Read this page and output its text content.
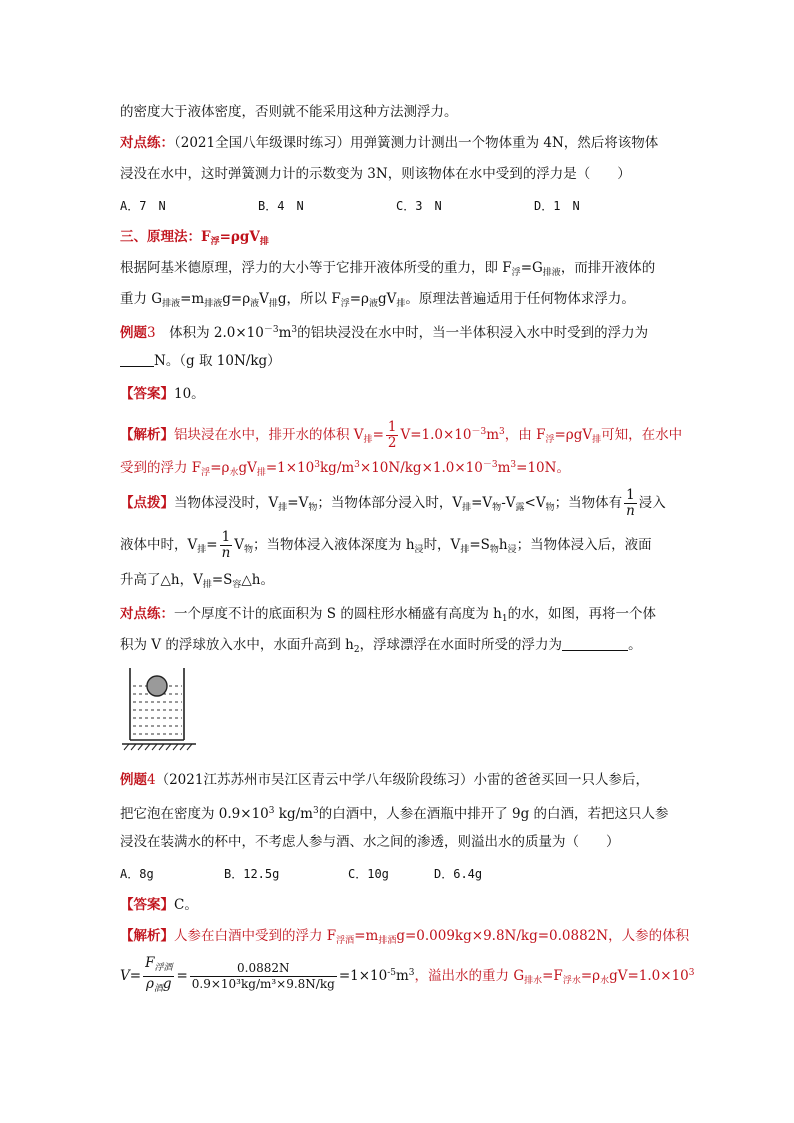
的密度大于液体密度，否则就不能采用这种方法测浮力。
对点练：（2021全国八年级课时练习）用弹簧测力计测出一个物体重为 4N，然后将该物体
浸没在水中，这时弹簧测力计的示数变为 3N，则该物体在水中受到的浮力是（　　）
A．7　N	B．4　N	C．3　N	D．1　N
三、原理法：$F_浮=\rho gV_排$
根据阿基米德原理，浮力的大小等于它排开液体所受的重力，即 $F_浮=G_{排液}$，而排开液体的
重力 $G_{排液}=m_{排液}g=\rho_液V_排g$，所以 $F_浮=\rho_液gV_排$。原理法普遍适用于任何物体求浮力。
例题3　体积为 $2.0\times 10^{-3}m^3$的铝块浸没在水中时，当一半体积浸入水中时受到的浮力为
N。（g 取 10N/kg）
【答案】10。
【解析】铝块浸在水中，排开水的体积 $V_排= \frac{1}{2} V=1.0\times 10^{-3}m^3$，由 $F_浮=\rho gV_排$可知，在水中
受到的浮力 $F_浮=\rho_水gV_排=1\times 10^3kg/m^3\times 10N/kg\times 1.0\times 10^{-3}m^3=10N$。
【点拨】当物体浸没时，$V_排=V_物$；当物体部分浸入时，$V_排=V_物-V_露<V_物$；当物体有 $\frac{1}{n}$ 浸入
液体中时，$V_排= \frac{1}{n} V_物$；当物体浸入液体深度为 $h_浸$时，$V_排=S_物h_浸$；当物体浸入后，液面
升高了△h，$V_排=S_容\triangle h$。
对点练：一个厚度不计的底面积为 S 的圆柱形水桶盛有高度为 $h_1$的水，如图，再将一个体
积为 V 的浮球放入水中，水面升高到 $h_2$，浮球漂浮在水面时所受的浮力为	。
例题4（2021江苏苏州市吴江区青云中学八年级阶段练习）小雷的爸爸买回一只人参后，
把它泡在密度为 $0.9\times 10^3$ $kg/m^3$的白酒中，人参在酒瓶中排开了 9g 的白酒，若把这只人参
浸没在装满水的杯中，不考虑人参与酒、水之间的渗透，则溢出水的质量为（　　）
A．8g	B．12.5g	C．10g	D．6.4g
【答案】C。
【解析】人参在白酒中受到的浮力 $F_{浮酒}=m_{排酒}g=0.009kg\times 9.8N/kg=0.0882N$，人参的体积
$V= \frac{F_{浮酒}}{\rho_酒g} = \frac{0.0882N}{\text{0.9×10³kg/m³×9.8N/kg}} =1\times 10^{-5}m^3$，溢出水的重力 $G_{排水}=F_{浮水}=\rho_水gV=1.0\times 10^3$
